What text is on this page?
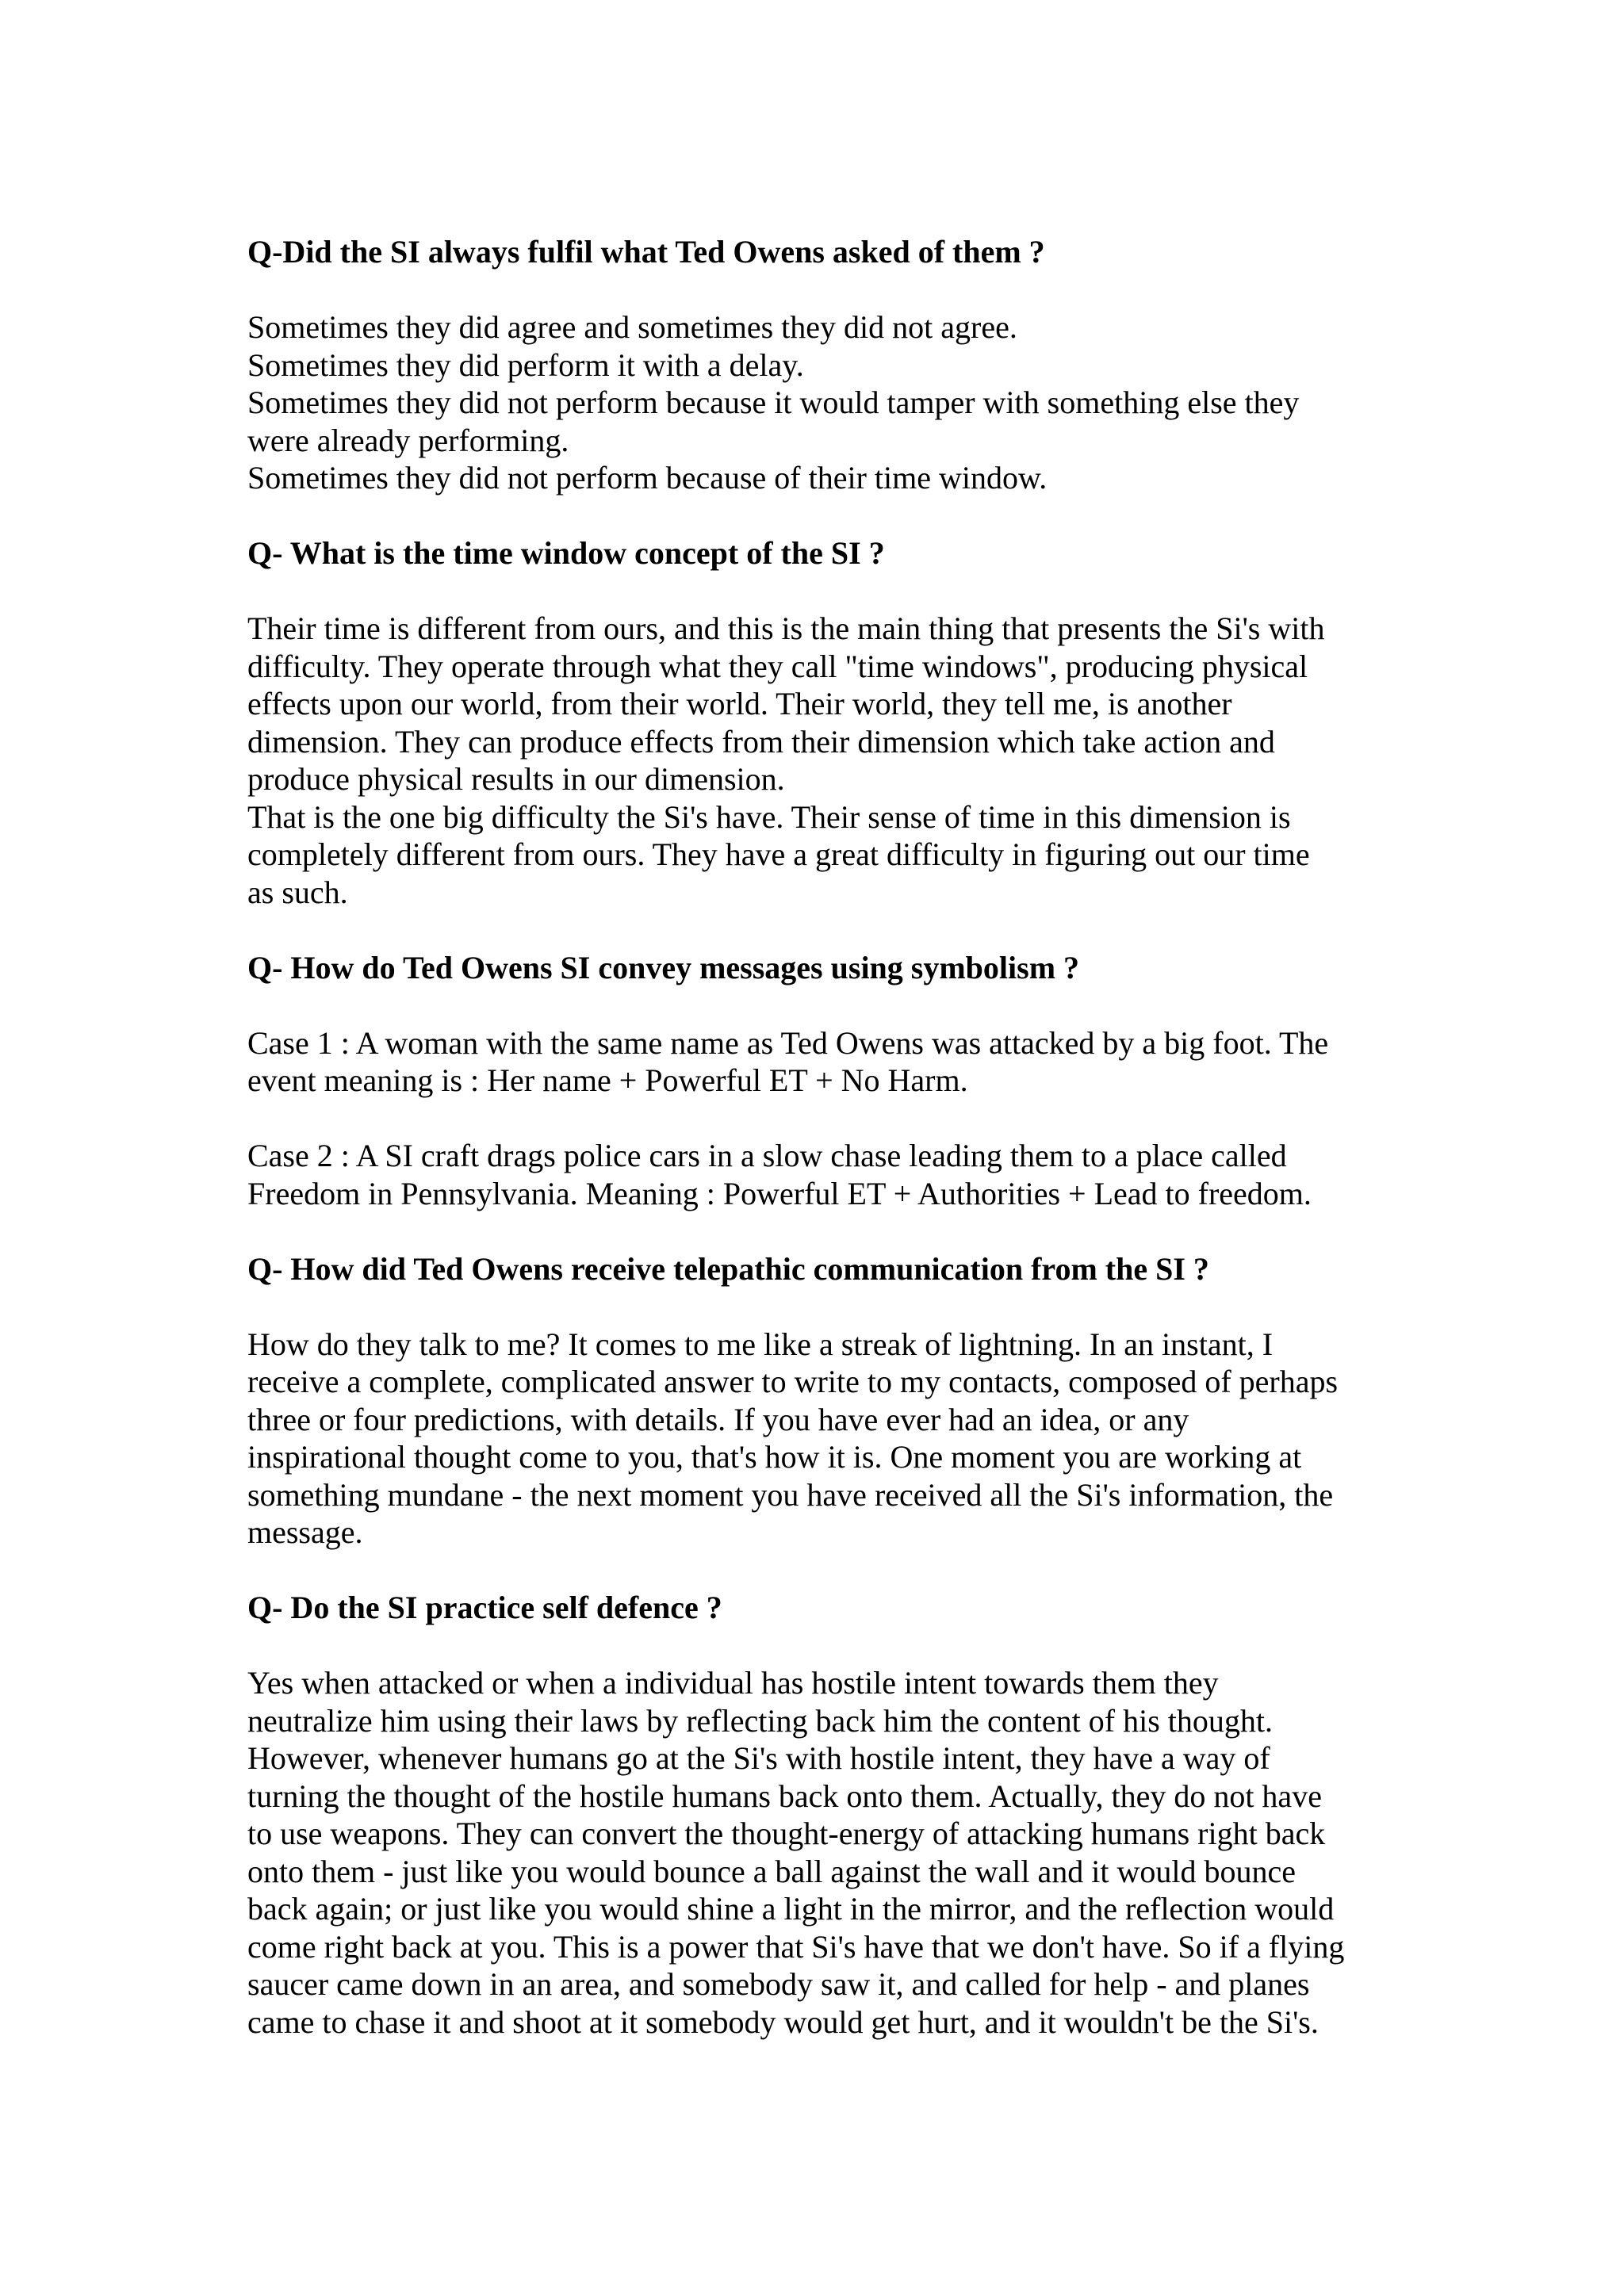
Q-Did the SI always fulfil what Ted Owens asked of them ?
Sometimes they did agree and sometimes they did not agree.
Sometimes they did perform it with a delay.
Sometimes they did not perform because it would tamper with something else they
were already performing.
Sometimes they did not perform because of their time window.
Q- What is the time window concept of the SI ?
Their time is different from ours, and this is the main thing that presents the Si's with
difficulty. They operate through what they call "time windows", producing physical
effects upon our world, from their world. Their world, they tell me, is another
dimension. They can produce effects from their dimension which take action and
produce physical results in our dimension.
That is the one big difficulty the Si's have. Their sense of time in this dimension is
completely different from ours. They have a great difficulty in figuring out our time
as such.
Q- How do Ted Owens SI convey messages using symbolism ?
Case 1 : A woman with the same name as Ted Owens was attacked by a big foot. The
event meaning is : Her name + Powerful ET + No Harm.
Case 2 : A SI craft drags police cars in a slow chase leading them to a place called
Freedom in Pennsylvania. Meaning : Powerful ET + Authorities + Lead to freedom.
Q- How did Ted Owens receive telepathic communication from the SI ?
How do they talk to me? It comes to me like a streak of lightning. In an instant, I
receive a complete, complicated answer to write to my contacts, composed of perhaps
three or four predictions, with details. If you have ever had an idea, or any
inspirational thought come to you, that's how it is. One moment you are working at
something mundane - the next moment you have received all the Si's information, the
message.
Q- Do the SI practice self defence ?
Yes when attacked or when a individual has hostile intent towards them they
neutralize him using their laws by reflecting back him the content of his thought.
However, whenever humans go at the Si's with hostile intent, they have a way of
turning the thought of the hostile humans back onto them. Actually, they do not have
to use weapons. They can convert the thought-energy of attacking humans right back
onto them - just like you would bounce a ball against the wall and it would bounce
back again; or just like you would shine a light in the mirror, and the reflection would
come right back at you. This is a power that Si's have that we don't have. So if a flying
saucer came down in an area, and somebody saw it, and called for help - and planes
came to chase it and shoot at it somebody would get hurt, and it wouldn't be the Si's.
